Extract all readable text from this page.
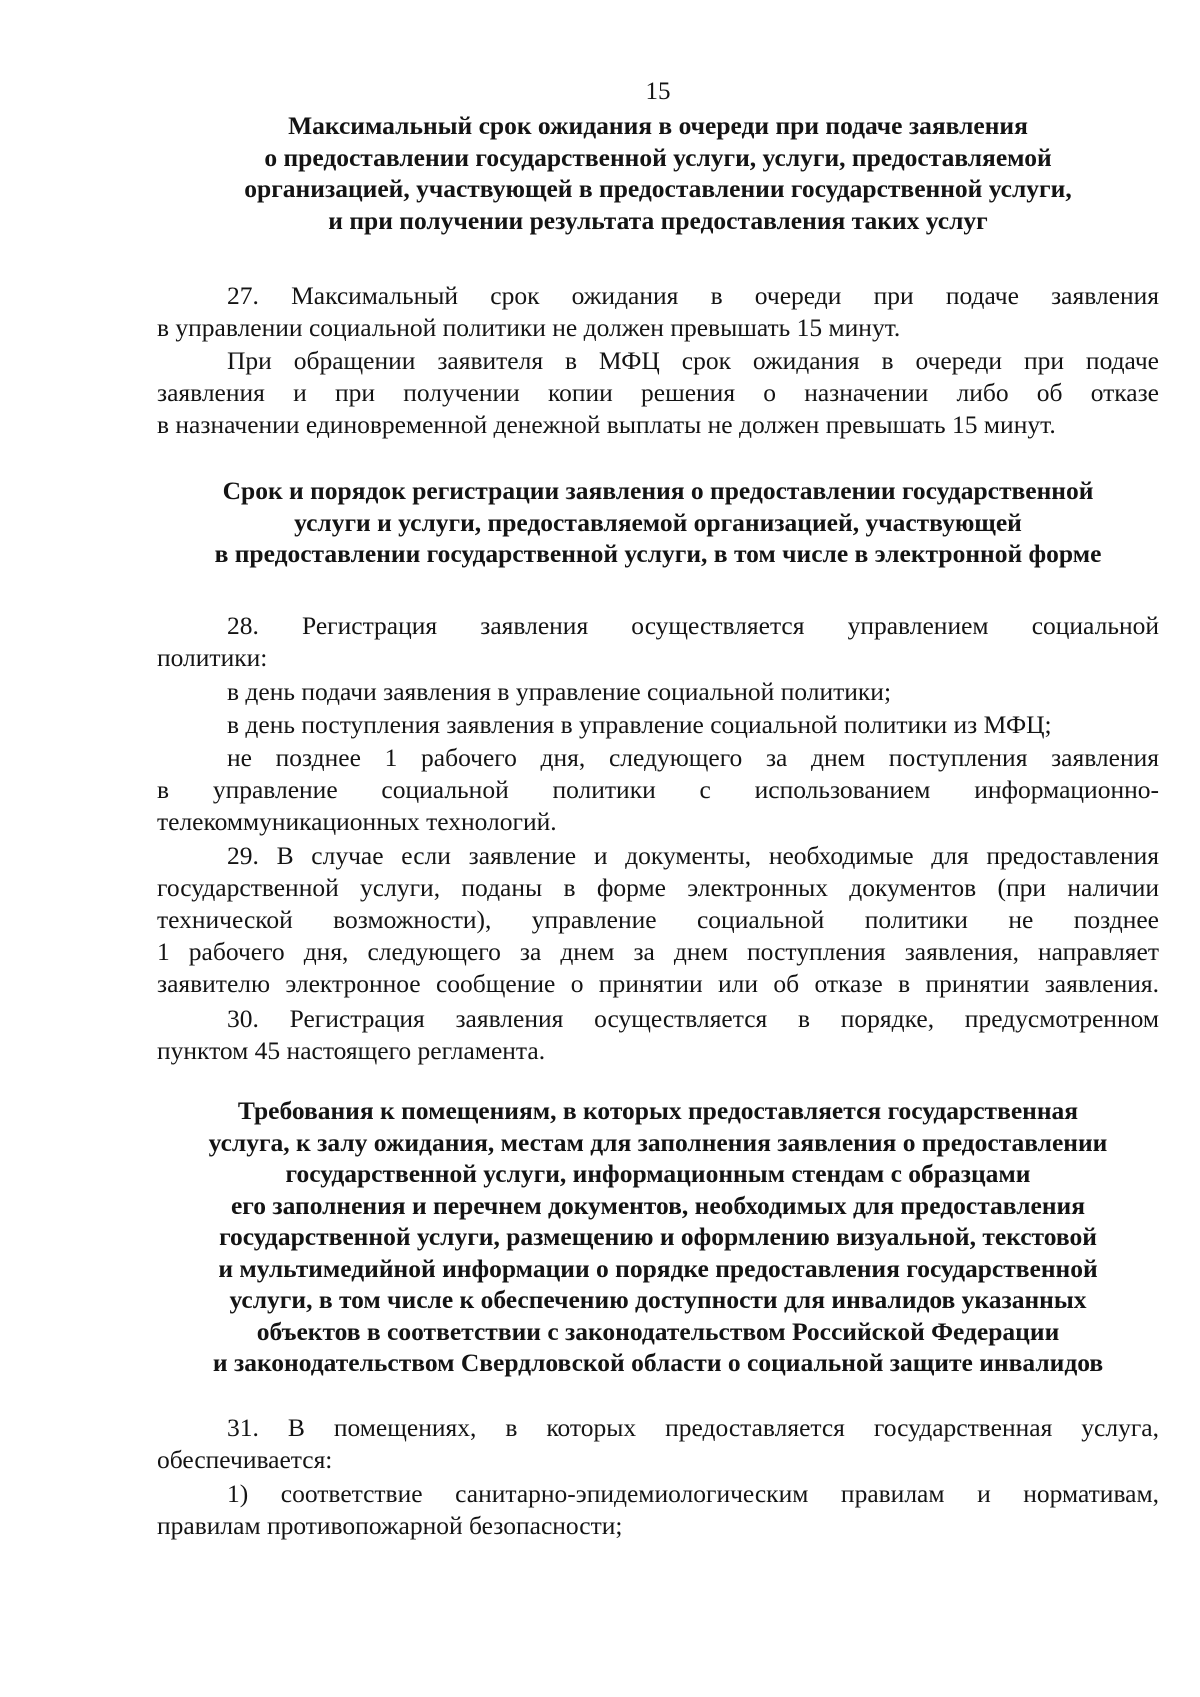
15
Максимальный срок ожидания в очереди при подаче заявления
о предоставлении государственной услуги, услуги, предоставляемой
организацией, участвующей в предоставлении государственной услуги,
и при получении результата предоставления таких услуг
27. Максимальный срок ожидания в очереди при подаче заявления
в управлении социальной политики не должен превышать 15 минут.
При обращении заявителя в МФЦ срок ожидания в очереди при подаче
заявления и при получении копии решения о назначении либо об отказе
в назначении единовременной денежной выплаты не должен превышать 15 минут.
Срок и порядок регистрации заявления о предоставлении государственной
услуги и услуги, предоставляемой организацией, участвующей
в предоставлении государственной услуги, в том числе в электронной форме
28. Регистрация заявления осуществляется управлением социальной
политики:
в день подачи заявления в управление социальной политики;
в день поступления заявления в управление социальной политики из МФЦ;
не позднее 1 рабочего дня, следующего за днем поступления заявления
в управление социальной политики с использованием информационно-
телекоммуникационных технологий.
29. В случае если заявление и документы, необходимые для предоставления
государственной услуги, поданы в форме электронных документов (при наличии
технической возможности), управление социальной политики не позднее
1 рабочего дня, следующего за днем за днем поступления заявления, направляет
заявителю электронное сообщение о принятии или об отказе в принятии заявления.
30. Регистрация заявления осуществляется в порядке, предусмотренном
пунктом 45 настоящего регламента.
Требования к помещениям, в которых предоставляется государственная
услуга, к залу ожидания, местам для заполнения заявления о предоставлении
государственной услуги, информационным стендам с образцами
его заполнения и перечнем документов, необходимых для предоставления
государственной услуги, размещению и оформлению визуальной, текстовой
и мультимедийной информации о порядке предоставления государственной
услуги, в том числе к обеспечению доступности для инвалидов указанных
объектов в соответствии с законодательством Российской Федерации
и законодательством Свердловской области о социальной защите инвалидов
31. В помещениях, в которых предоставляется государственная услуга,
обеспечивается:
1) соответствие санитарно-эпидемиологическим правилам и нормативам,
правилам противопожарной безопасности;
